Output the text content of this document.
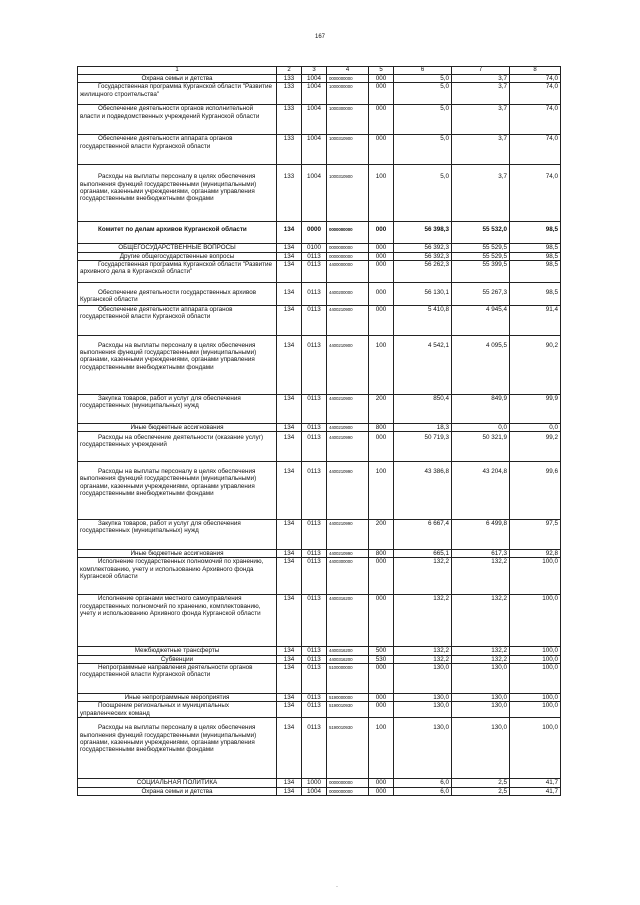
167
1	2	3	4	5	6	7	8
Охрана семьи и детства	133	1004	0000000000	000	5,0	3,7	74,0
Государственная программа Курганской области "Развитие жилищного строительства"	133	1004	1000000000	000	5,0	3,7	74,0
Обеспечение деятельности органов исполнительной власти и подведомственных учреждений Курганской области	133	1004	1000300000	000	5,0	3,7	74,0
Обеспечение деятельности аппарата органов государственной власти Курганской области	133	1004	1000310900	000	5,0	3,7	74,0
Расходы на выплаты персоналу в целях обеспечения выполнения функций государственными (муниципальными) органами, казенными учреждениями, органами управления государственными внебюджетными фондами	133	1004	1000310900	100	5,0	3,7	74,0
Комитет по делам архивов Курганской области	134	0000	0000000000	000	56 398,3	55 532,0	98,5
ОБЩЕГОСУДАРСТВЕННЫЕ ВОПРОСЫ	134	0100	0000000000	000	56 392,3	55 529,5	98,5
Другие общегосударственные вопросы	134	0113	0000000000	000	56 392,3	55 529,5	98,5
Государственная программа Курганской области "Развитие архивного дела в Курганской области"	134	0113	4400000000	000	56 262,3	55 399,5	98,5
Обеспечение деятельности государственных архивов Курганской области	134	0113	4400200000	000	56 130,1	55 267,3	98,5
Обеспечение деятельности аппарата органов государственной власти Курганской области	134	0113	4400210900	000	5 410,8	4 945,4	91,4
Расходы на выплаты персоналу в целях обеспечения выполнения функций государственными (муниципальными) органами, казенными учреждениями, органами управления государственными внебюджетными фондами	134	0113	4400210900	100	4 542,1	4 095,5	90,2
Закупка товаров, работ и услуг для обеспечения государственных (муниципальных) нужд	134	0113	4400210900	200	850,4	849,9	99,9
Иные бюджетные ассигнования	134	0113	4400210900	800	18,3	0,0	0,0
Расходы на обеспечение деятельности (оказание услуг) государственных учреждений	134	0113	4400210990	000	50 719,3	50 321,9	99,2
Расходы на выплаты персоналу в целях обеспечения выполнения функций государственными (муниципальными) органами, казенными учреждениями, органами управления государственными внебюджетными фондами	134	0113	4400210990	100	43 386,8	43 204,8	99,6
Закупка товаров, работ и услуг для обеспечения государственных (муниципальных) нужд	134	0113	4400210990	200	6 667,4	6 499,8	97,5
Иные бюджетные ассигнования	134	0113	4400210990	800	665,1	617,3	92,8
Исполнение государственных полномочий по хранению, комплектованию, учету и использованию Архивного фонда Курганской области	134	0113	4400300000	000	132,2	132,2	100,0
Исполнение органами местного самоуправления государственных полномочий по хранению, комплектованию, учету и использованию Архивного фонда Курганской области	134	0113	4400316200	000	132,2	132,2	100,0
Межбюджетные трансферты	134	0113	4400316200	500	132,2	132,2	100,0
Субвенции	134	0113	4400316200	530	132,2	132,2	100,0
Непрограммные направления деятельности органов государственной власти Курганской области	134	0113	5100000000	000	130,0	130,0	100,0
Иные непрограммные мероприятия	134	0113	5190000000	000	130,0	130,0	100,0
Поощрение региональных и муниципальных управленческих команд	134	0113	5190010930	000	130,0	130,0	100,0
Расходы на выплаты персоналу в целях обеспечения выполнения функций государственными (муниципальными) органами, казенными учреждениями, органами управления государственными внебюджетными фондами	134	0113	5190010930	100	130,0	130,0	100,0
СОЦИАЛЬНАЯ ПОЛИТИКА	134	1000	0000000000	000	6,0	2,5	41,7
Охрана семьи и детства	134	1004	0000000000	000	6,0	2,5	41,7
·
